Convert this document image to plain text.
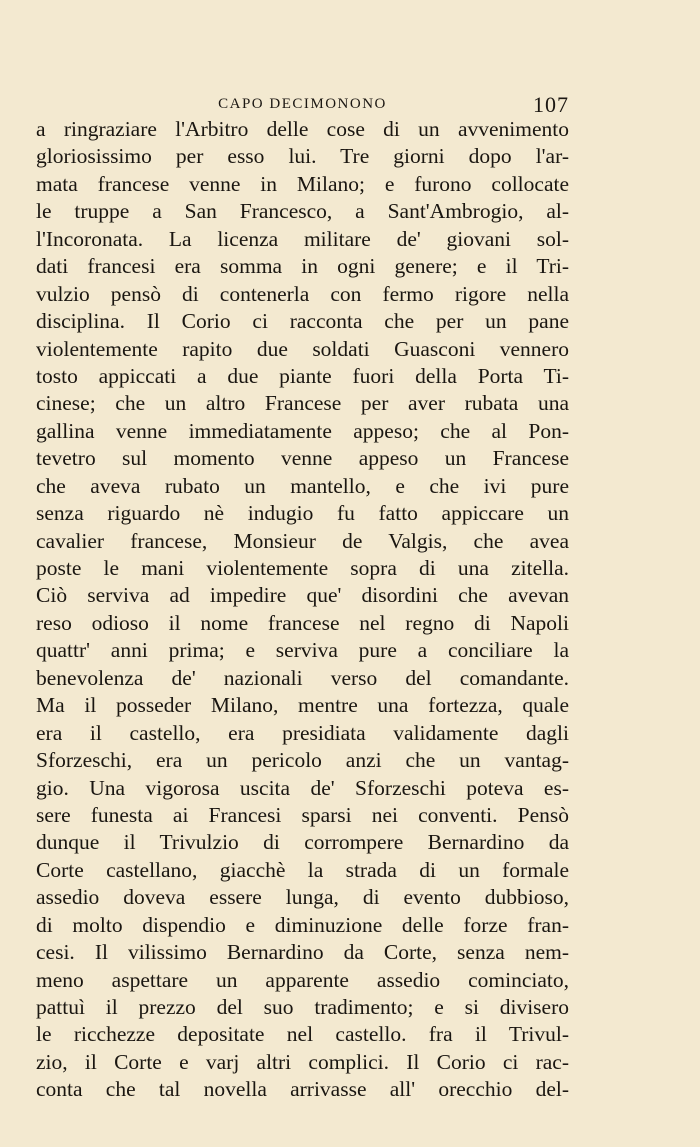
CAPO DECIMONONO	107
a ringraziare l'Arbitro delle cose di un avvenimento
gloriosissimo per esso lui. Tre giorni dopo l'ar-
mata francese venne in Milano; e furono collocate
le truppe a San Francesco, a Sant'Ambrogio, al-
l'Incoronata. La licenza militare de' giovani sol-
dati francesi era somma in ogni genere; e il Tri-
vulzio pensò di contenerla con fermo rigore nella
disciplina. Il Corio ci racconta che per un pane
violentemente rapito due soldati Guasconi vennero
tosto appiccati a due piante fuori della Porta Ti-
cinese; che un altro Francese per aver rubata una
gallina venne immediatamente appeso; che al Pon-
tevetro sul momento venne appeso un Francese
che aveva rubato un mantello, e che ivi pure
senza riguardo nè indugio fu fatto appiccare un
cavalier francese, Monsieur de Valgis, che avea
poste le mani violentemente sopra di una zitella.
Ciò serviva ad impedire que' disordini che avevan
reso odioso il nome francese nel regno di Napoli
quattr' anni prima; e serviva pure a conciliare la
benevolenza de' nazionali verso del comandante.
Ma il posseder Milano, mentre una fortezza, quale
era il castello, era presidiata validamente dagli
Sforzeschi, era un pericolo anzi che un vantag-
gio. Una vigorosa uscita de' Sforzeschi poteva es-
sere funesta ai Francesi sparsi nei conventi. Pensò
dunque il Trivulzio di corrompere Bernardino da
Corte castellano, giacchè la strada di un formale
assedio doveva essere lunga, di evento dubbioso,
di molto dispendio e diminuzione delle forze fran-
cesi. Il vilissimo Bernardino da Corte, senza nem-
meno aspettare un apparente assedio cominciato,
pattuì il prezzo del suo tradimento; e si divisero
le ricchezze depositate nel castello. fra il Trivul-
zio, il Corte e varj altri complici. Il Corio ci rac-
conta che tal novella arrivasse all' orecchio del-
